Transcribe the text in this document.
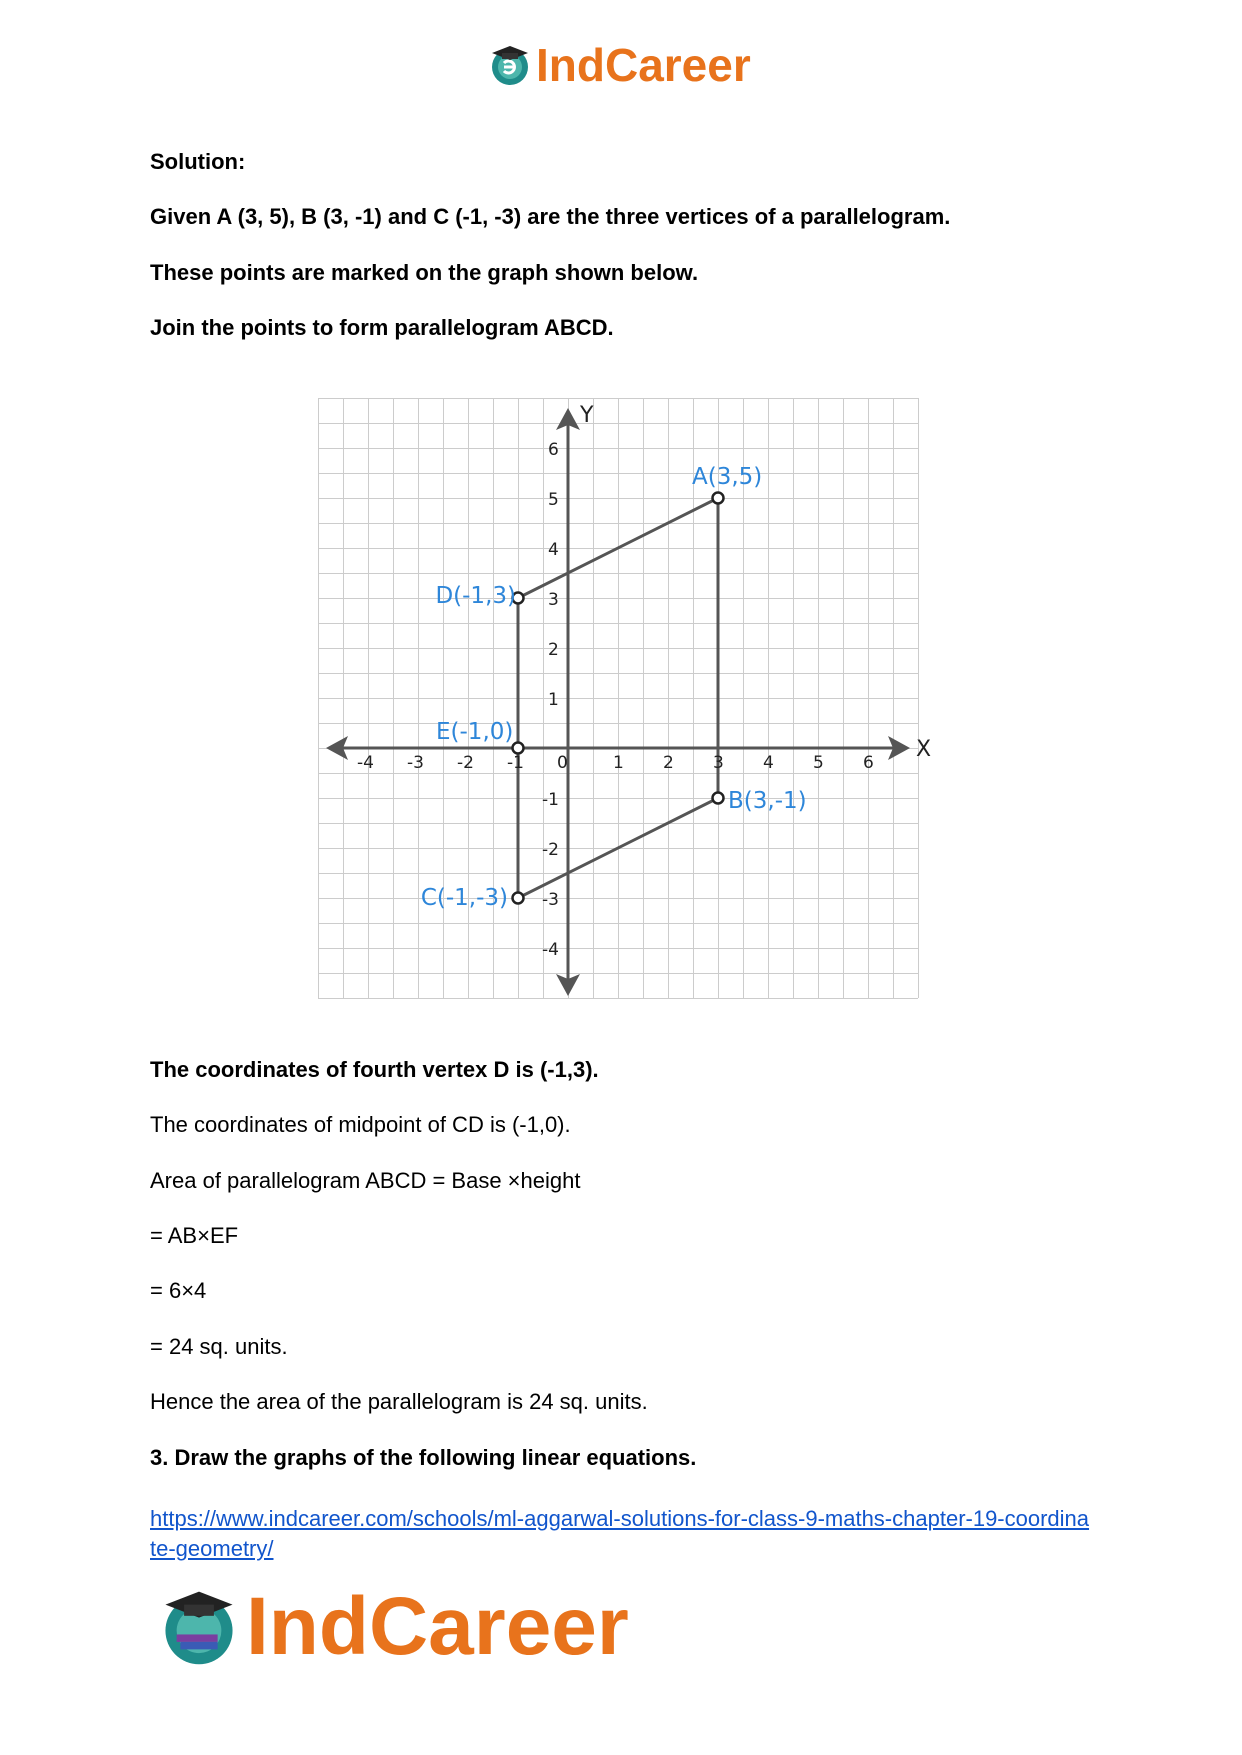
IndCareer
Solution:
Given A (3, 5), B (3, -1) and C (-1, -3) are the three vertices of a parallelogram.
These points are marked on the graph shown below.
Join the points to form parallelogram ABCD.
X
Y
-4 -3 -2 -1 0	1 2 3 4 5 6
6
5
4
3
2
1
-1
-2
-3
-4
A(3,5)
B(3,-1)
C(-1,-3)
D(-1,3)
E(-1,0)
The coordinates of fourth vertex D is (-1,3).
The coordinates of midpoint of CD is (-1,0).
Area of parallelogram ABCD = Base ×height
= AB×EF
= 6×4
= 24 sq. units.
Hence the area of the parallelogram is 24 sq. units.
3. Draw the graphs of the following linear equations.
https://www.indcareer.com/schools/ml-aggarwal-solutions-for-class-9-maths-chapter-19-coordinate-geometry/
IndCareer
